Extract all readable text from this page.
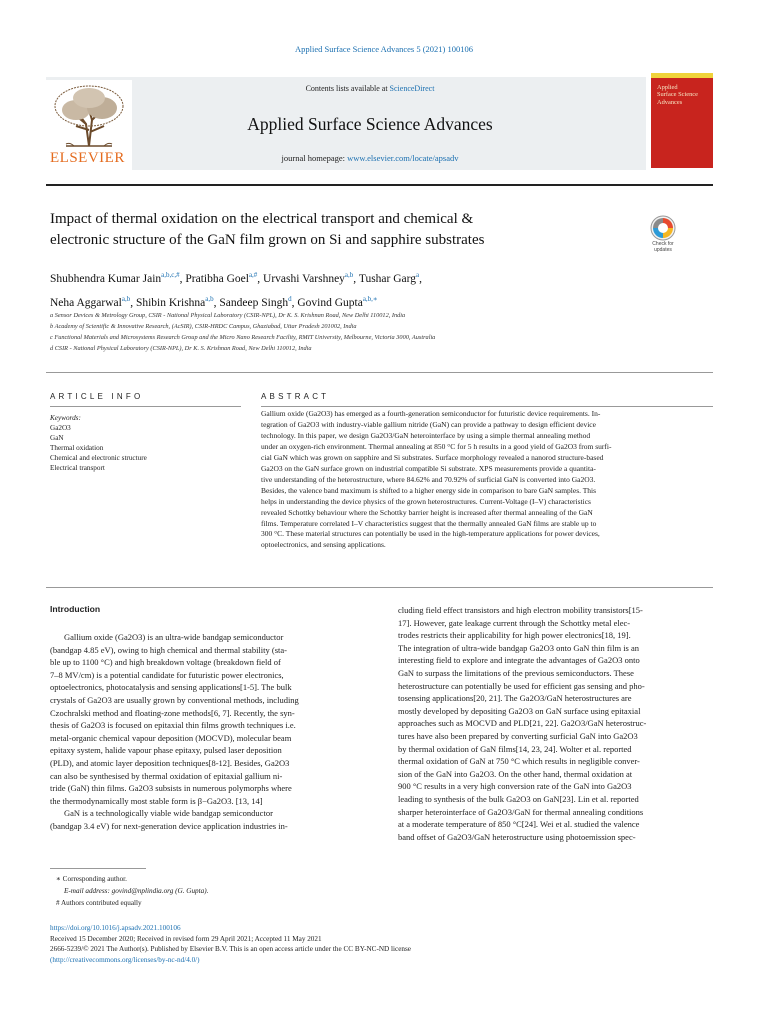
Applied Surface Science Advances 5 (2021) 100106
Contents lists available at ScienceDirect
Applied Surface Science Advances
journal homepage: www.elsevier.com/locate/apsadv
ELSEVIER
Applied
Surface Science
Advances
Impact of thermal oxidation on the electrical transport and chemical &
electronic structure of the GaN film grown on Si and sapphire substrates	Check for
updates
Shubhendra Kumar Jain$^{a,b,c,\#}$, Pratibha Goel$^{a,\#}$, Urvashi Varshney$^{a,b}$, Tushar Garg$^a$,
Neha Aggarwal$^{a,b}$, Shibin Krishna$^{a,b}$, Sandeep Singh$^d$, Govind Gupta$^{a,b,∗}$
a Sensor Devices & Metrology Group, CSIR - National Physical Laboratory (CSIR-NPL), Dr K. S. Krishnan Road, New Delhi 110012, India
b Academy of Scientific & Innovative Research, (AcSIR), CSIR-HRDC Campus, Ghaziabad, Uttar Pradesh 201002, India
c Functional Materials and Microsystems Research Group and the Micro Nano Research Facility, RMIT University, Melbourne, Victoria 3000, Australia
d CSIR - National Physical Laboratory (CSIR-NPL), Dr K. S. Krishnan Road, New Delhi 110012, India
ARTICLE INFO	ABSTRACT
Keywords:
Ga2O3
GaN
Thermal oxidation
Chemical and electronic structure
Electrical transport
Gallium oxide (Ga2O3) has emerged as a fourth-generation semiconductor for futuristic device requirements. In-
tegration of Ga2O3 with industry-viable gallium nitride (GaN) can provide a pathway to design efficient device
technology. In this paper, we design Ga2O3/GaN heterointerface by using a simple thermal annealing method
under an oxygen-rich environment. Thermal annealing at 850 °C for 5 h results in a good yield of Ga2O3 from surfi-
cial GaN which was grown on sapphire and Si substrates. Surface morphology revealed a nanorod structure-based
Ga2O3 on the GaN surface grown on industrial compatible Si substrate. XPS measurements provide a quantita-
tive understanding of the heterostructure, where 84.62% and 70.92% of surficial GaN is converted into Ga2O3.
Besides, the valence band maximum is shifted to a higher energy side in comparison to bare GaN samples. This
helps in understanding the device physics of the grown heterostructures. Current-Voltage (I–V) characteristics
revealed Schottky behaviour where the Schottky barrier height is increased after thermal annealing of the GaN
films. Temperature correlated I–V characteristics suggest that the thermally annealed GaN films are stable up to
300 °C. These material structures can potentially be used in the high-temperature applications for power devices,
optoelectronics, and sensing applications.
Introduction

Gallium oxide (Ga2O3) is an ultra-wide bandgap semiconductor

(bandgap 4.85 eV), owing to high chemical and thermal stability (sta-

ble up to 1100 °C) and high breakdown voltage (breakdown field of

7–8 MV/cm) is a potential candidate for futuristic power electronics,

optoelectronics, photocatalysis and sensing applications[1-5]. The bulk

crystals of Ga2O3 are usually grown by conventional methods, including

Czochralski method and floating-zone methods[6, 7]. Recently, the syn-

thesis of Ga2O3 is focused on epitaxial thin films growth techniques i.e.

metal-organic chemical vapour deposition (MOCVD), molecular beam

epitaxy system, halide vapour phase epitaxy, pulsed laser deposition

(PLD), and atomic layer deposition techniques[8-12]. Besides, Ga2O3

can also be synthesised by thermal oxidation of epitaxial gallium ni-

tride (GaN) thin films. Ga2O3 subsists in numerous polymorphs where

the thermodynamically most stable form is β−Ga2O3. [13, 14]

GaN is a technologically viable wide bandgap semiconductor

(bandgap 3.4 eV) for next-generation device application industries in-

cluding field effect transistors and high electron mobility transistors[15-

17]. However, gate leakage current through the Schottky metal elec-

trodes restricts their applicability for high power electronics[18, 19].

The integration of ultra-wide bandgap Ga2O3 onto GaN thin film is an

interesting field to explore and integrate the advantages of Ga2O3 onto

GaN to surpass the limitations of the previous semiconductors. These

heterostructure can potentially be used for efficient gas sensing and pho-

tosensing applications[20, 21]. The Ga2O3/GaN heterostructures are

mostly developed by depositing Ga2O3 on GaN surface using epitaxial

approaches such as MOCVD and PLD[21, 22]. Ga2O3/GaN heterostruc-

tures have also been prepared by converting surficial GaN into Ga2O3

by thermal oxidation of GaN films[14, 23, 24]. Wolter et al. reported

thermal oxidation of GaN at 750 °C which results in negligible conver-

sion of the GaN into Ga2O3. On the other hand, thermal oxidation at

900 °C results in a very high conversion rate of the GaN into Ga2O3

leading to synthesis of the bulk Ga2O3 on GaN[23]. Lin et al. reported

sharper heterointerface of Ga2O3/GaN for thermal annealing conditions

at a moderate temperature of 850 °C[24]. Wei et al. studied the valence

band offset of Ga2O3/GaN heterostructure using photoemission spec-

∗ Corresponding author.
E-mail address: govind@nplindia.org (G. Gupta).
# Authors contributed equally
https://doi.org/10.1016/j.apsadv.2021.100106
Received 15 December 2020; Received in revised form 29 April 2021; Accepted 11 May 2021
2666-5239/© 2021 The Author(s). Published by Elsevier B.V. This is an open access article under the CC BY-NC-ND license
(http://creativecommons.org/licenses/by-nc-nd/4.0/)
